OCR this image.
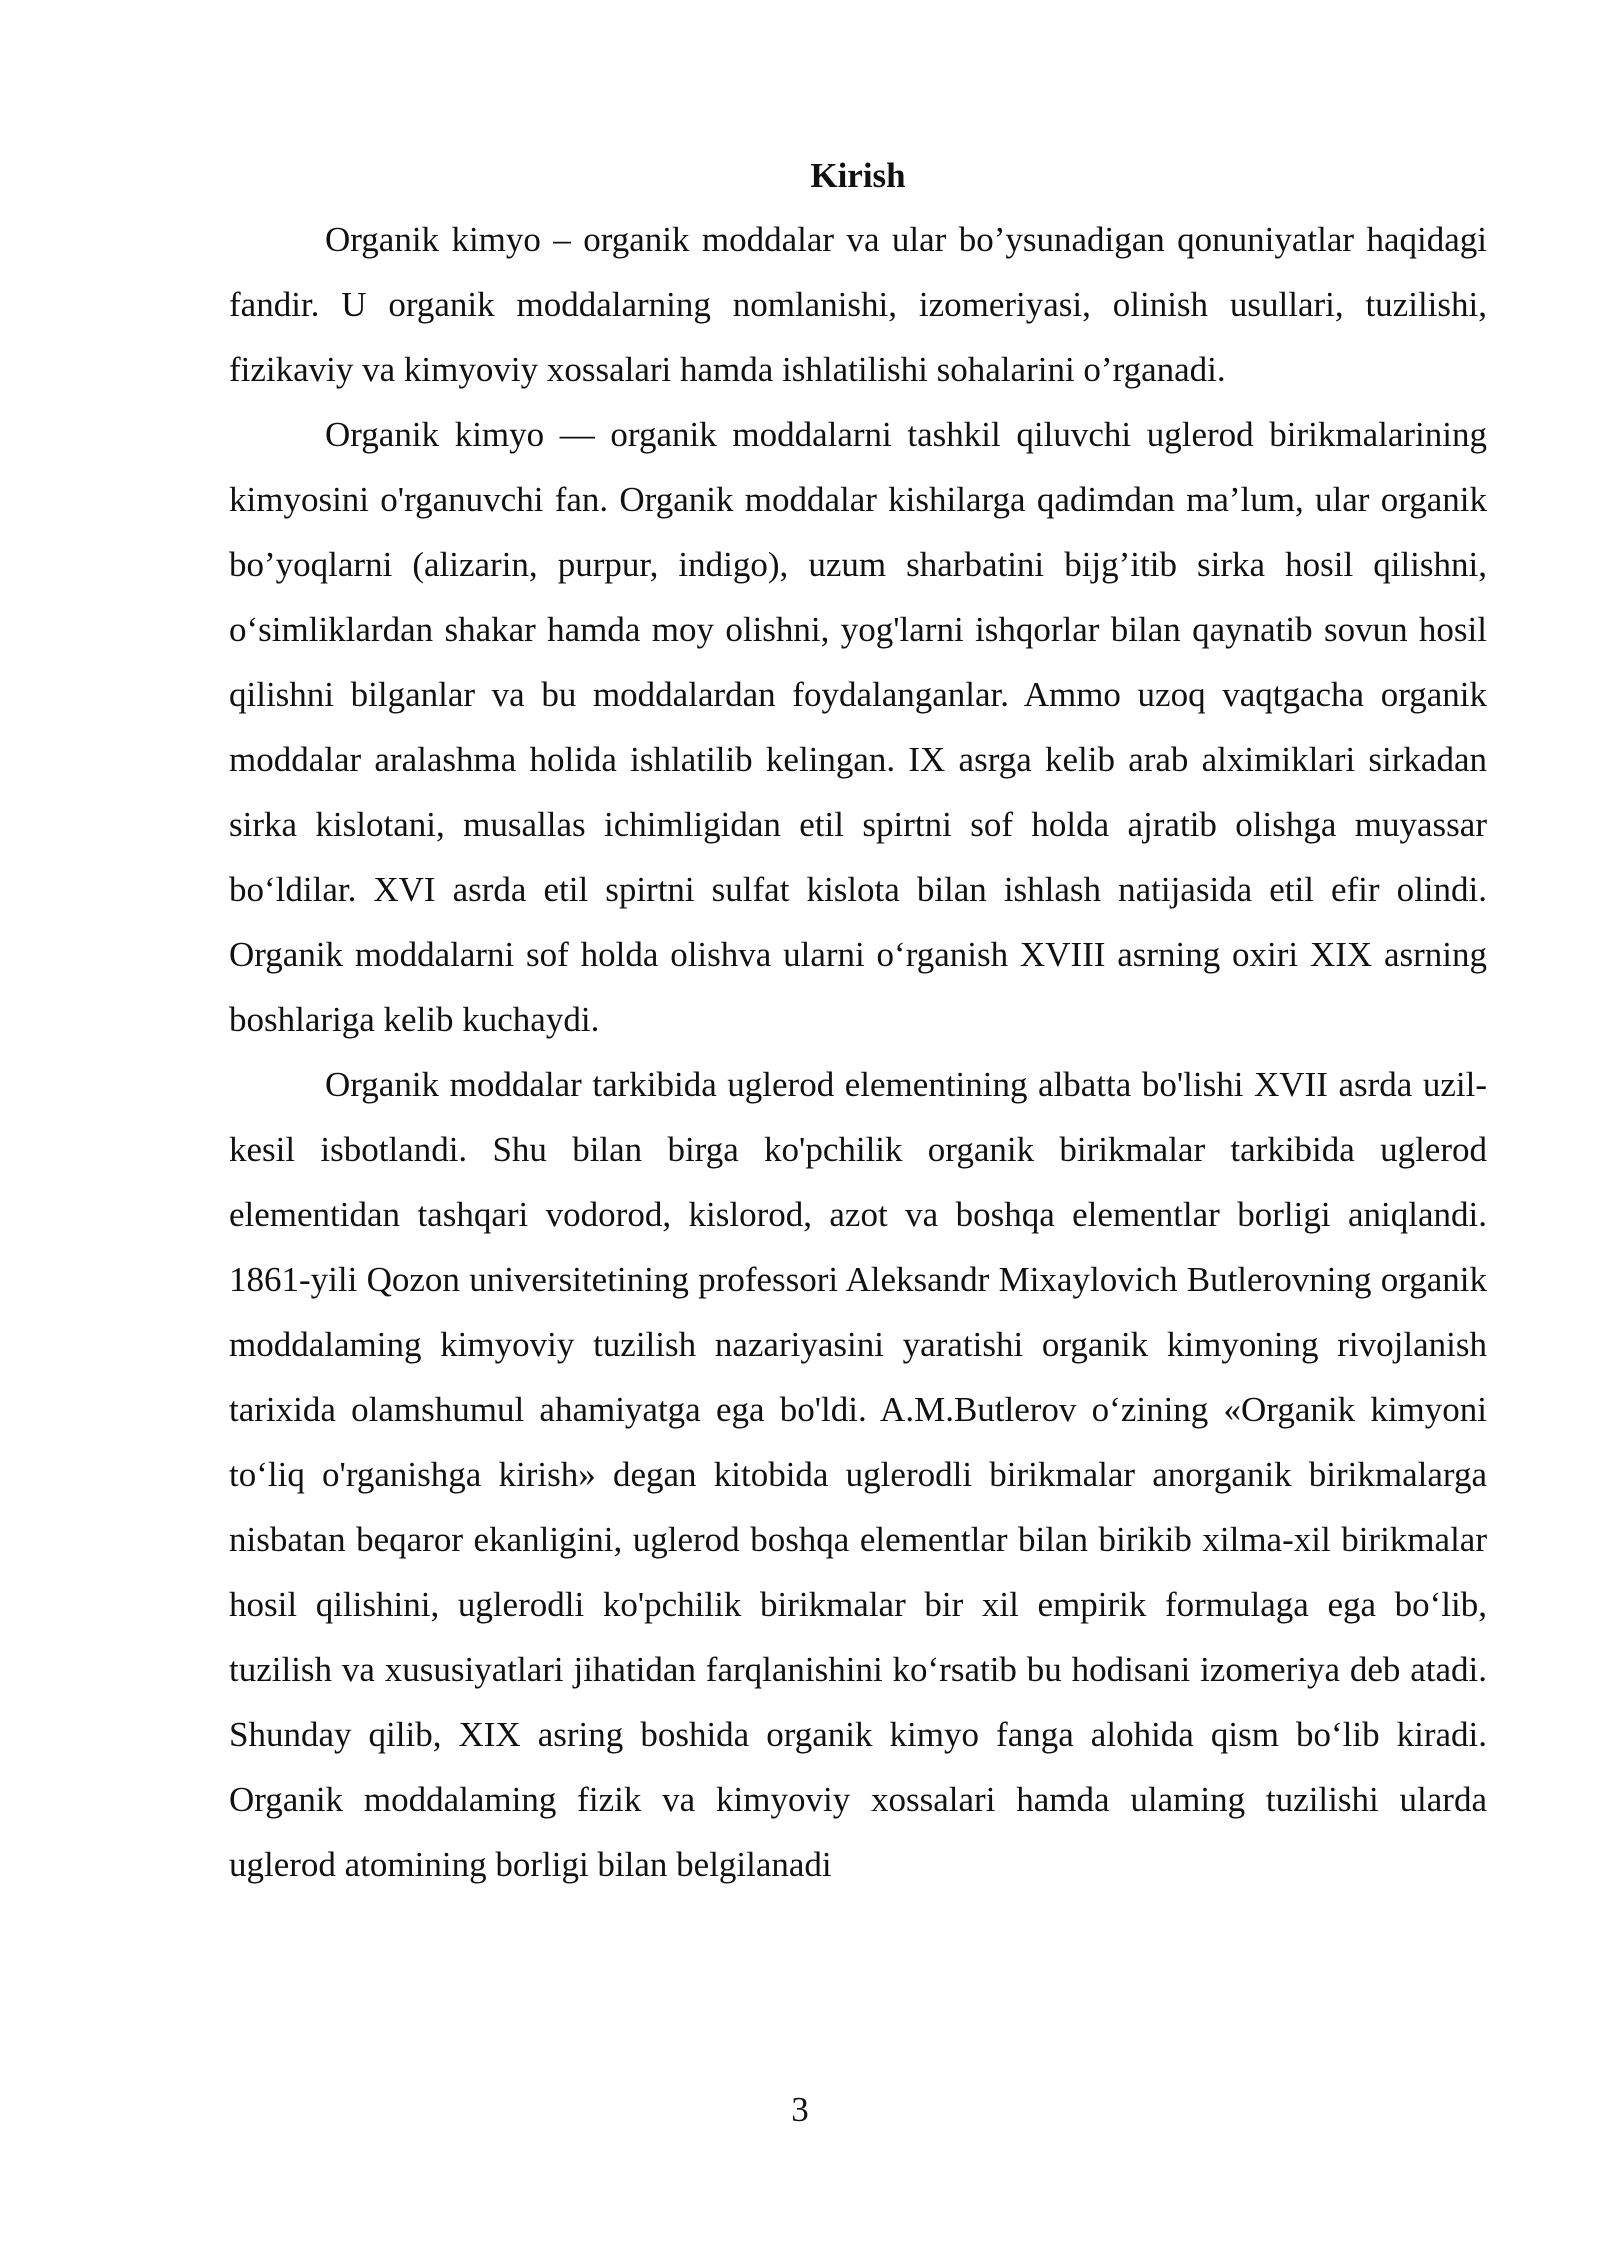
Kirish

Organik kimyo – organik moddalar va ular bo’ysunadigan qonuniyatlar haqidagi fandir. U organik moddalarning nomlanishi, izomeriyasi, olinish usullari, tuzilishi, fizikaviy va kimyoviy xossalari hamda ishlatilishi sohalarini o’rganadi.

Organik kimyo — organik moddalarni tashkil qiluvchi uglerod birikmalarining kimyosini o'rganuvchi fan. Organik moddalar kishilarga qadimdan ma’lum, ular organik bo’yoqlarni (alizarin, purpur, indigo), uzum sharbatini bijg’itib sirka hosil qilishni, o‘simliklardan shakar hamda moy olishni, yog'larni ishqorlar bilan qaynatib sovun hosil qilishni bilganlar va bu moddalardan foydalanganlar. Ammo uzoq vaqtgacha organik moddalar aralashma holida ishlatilib kelingan. IX asrga kelib arab alximiklari sirkadan sirka kislotani, musallas ichimligidan etil spirtni sof holda ajratib olishga muyassar bo‘ldilar. XVI asrda etil spirtni sulfat kislota bilan ishlash natijasida etil efir olindi. Organik moddalarni sof holda olishva ularni o‘rganish XVIII asrning oxiri XIX asrning boshlariga kelib kuchaydi.

Organik moddalar tarkibida uglerod elementining albatta bo'lishi XVII asrda uzil-kesil isbotlandi. Shu bilan birga ko'pchilik organik birikmalar tarkibida uglerod elementidan tashqari vodorod, kislorod, azot va boshqa elementlar borligi aniqlandi. 1861-yili Qozon universitetining professori Aleksandr Mixaylovich Butlerovning organik moddalaming kimyoviy tuzilish nazariyasini yaratishi organik kimyoning rivojlanish tarixida olamshumul ahamiyatga ega bo'ldi. A.M.Butlerov o‘zining «Organik kimyoni to‘liq o'rganishga kirish» degan kitobida uglerodli birikmalar anorganik birikmalarga nisbatan beqaror ekanligini, uglerod boshqa elementlar bilan birikib xilma-xil birikmalar hosil qilishini, uglerodli ko'pchilik birikmalar bir xil empirik formulaga ega bo‘lib, tuzilish va xususiyatlari jihatidan farqlanishini ko‘rsatib bu hodisani izomeriya deb atadi. Shunday qilib, XIX asring boshida organik kimyo fanga alohida qism bo‘lib kiradi. Organik moddalaming fizik va kimyoviy xossalari hamda ulaming tuzilishi ularda uglerod atomining borligi bilan belgilanadi

3
